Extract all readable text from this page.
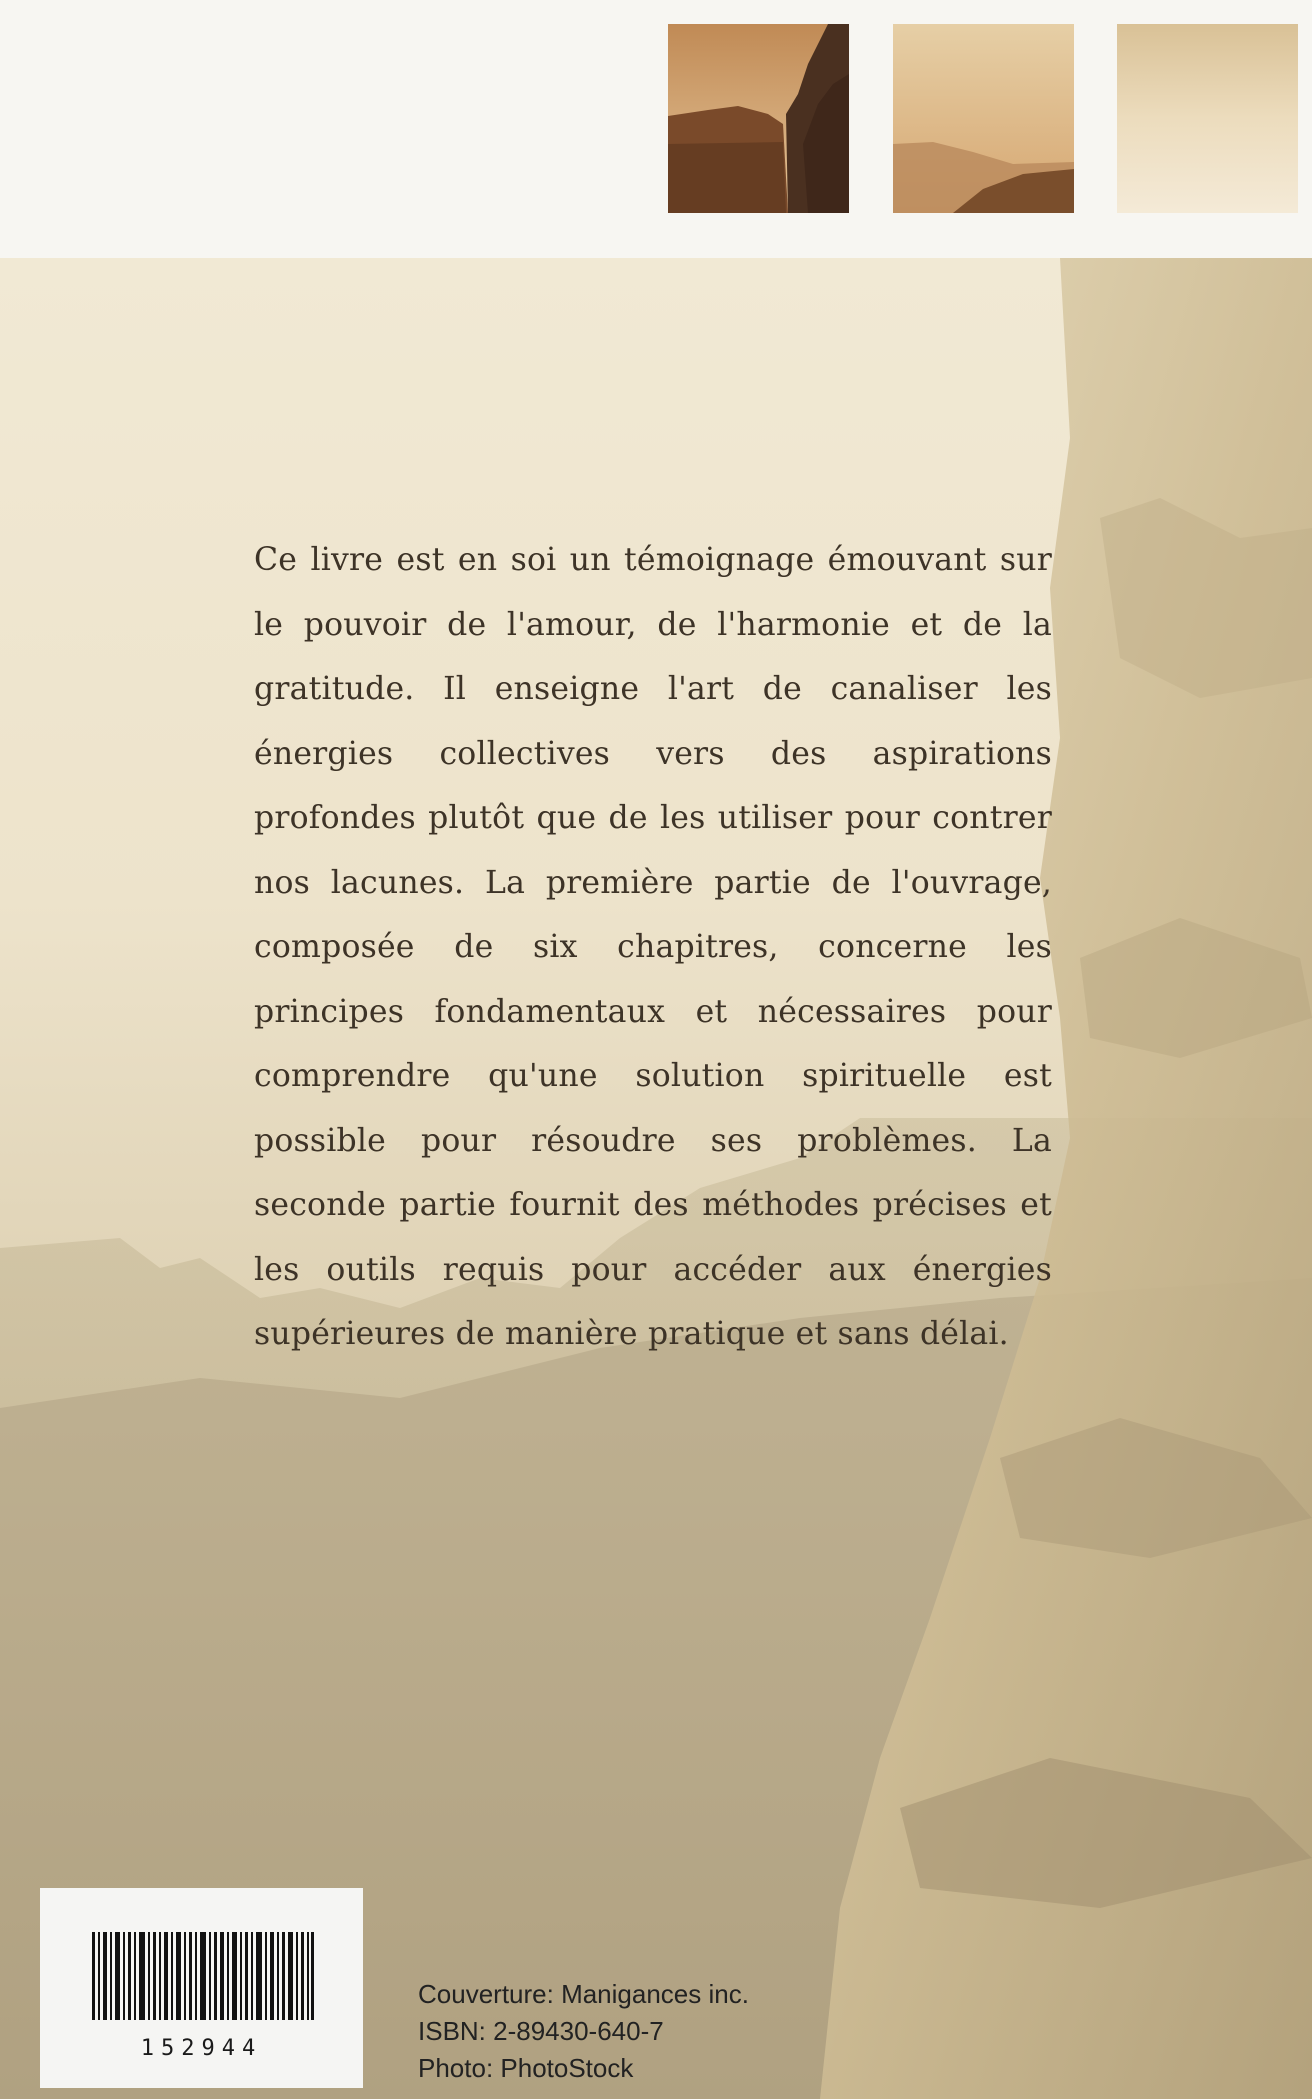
Ce livre est en soi un témoignage émouvant sur le pouvoir de l'amour, de l'harmonie et de la gratitude. Il enseigne l'art de canaliser les énergies collectives vers des aspirations profondes plutôt que de les utiliser pour contrer nos lacunes. La première partie de l'ouvrage, composée de six chapitres, concerne les principes fondamentaux et nécessaires pour comprendre qu'une solution spirituelle est possible pour résoudre ses problèmes. La seconde partie fournit des méthodes précises et les outils requis pour accéder aux énergies supérieures de manière pratique et sans délai.
152944
Couverture: Manigances inc.
ISBN: 2-89430-640-7
Photo: PhotoStock
